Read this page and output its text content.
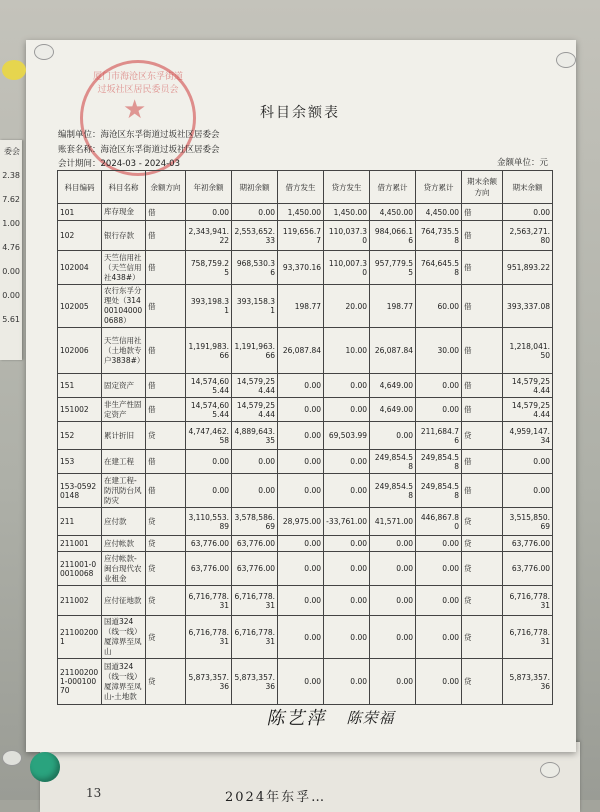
委会
2.38
7.62
1.00
4.76
0.00
0.00
5.61
13	2024年东孚…
厦门市海沧区东孚街道过坂社区居民委员会
★	科目余额表
编制单位：海沧区东孚街道过坂社区居委会
账套名称：海沧区东孚街道过坂社区居委会
会计期间：2024-03 - 2024-03	金额单位：元
科目编码	科目名称	余额方向	年初余额	期初余额	借方发生	贷方发生	借方累计	贷方累计	期末余额方向	期末余额
101	库存现金	借	0.00	0.00	1,450.00	1,450.00	4,450.00	4,450.00	借	0.00
102	银行存款	借	2,343,941.22	2,553,652.33	119,656.77	110,037.30	984,066.16	764,735.58	借	2,563,271.80
102004	天竺信用社（天竺信用社438#）	借	758,759.25	968,530.36	93,370.16	110,007.30	957,779.55	764,645.58	借	951,893.22
102005	农行东孚分理处（314001040000688）	借	393,198.31	393,158.31	198.77	20.00	198.77	60.00	借	393,337.08
102006	天竺信用社（土地款专户3838#）	借	1,191,983.66	1,191,963.66	26,087.84	10.00	26,087.84	30.00	借	1,218,041.50
151	固定资产	借	14,574,605.44	14,579,254.44	0.00	0.00	4,649.00	0.00	借	14,579,254.44
151002	非生产性固定资产	借	14,574,605.44	14,579,254.44	0.00	0.00	4,649.00	0.00	借	14,579,254.44
152	累计折旧	贷	4,747,462.58	4,889,643.35	0.00	69,503.99	0.00	211,684.76	贷	4,959,147.34
153	在建工程	借	0.00	0.00	0.00	0.00	249,854.58	249,854.58	借	0.00
153-05920148	在建工程-防汛防台风防灾	借	0.00	0.00	0.00	0.00	249,854.58	249,854.58	借	0.00
211	应付款	贷	3,110,553.89	3,578,586.69	28,975.00	-33,761.00	41,571.00	446,867.80	贷	3,515,850.69
211001	应付帐款	贷	63,776.00	63,776.00	0.00	0.00	0.00	0.00	贷	63,776.00
211001-00010068	应付帐款-闽台现代农业租金	贷	63,776.00	63,776.00	0.00	0.00	0.00	0.00	贷	63,776.00
211002	应付征地款	贷	6,716,778.31	6,716,778.31	0.00	0.00	0.00	0.00	贷	6,716,778.31
211002001	国道324（线一线）厦漳界至凤山	贷	6,716,778.31	6,716,778.31	0.00	0.00	0.00	0.00	贷	6,716,778.31
211002001-00010070	国道324（线一线）厦漳界至凤山-土地款	贷	5,873,357.36	5,873,357.36	0.00	0.00	0.00	0.00	贷	5,873,357.36
陈艺萍 陈荣福
